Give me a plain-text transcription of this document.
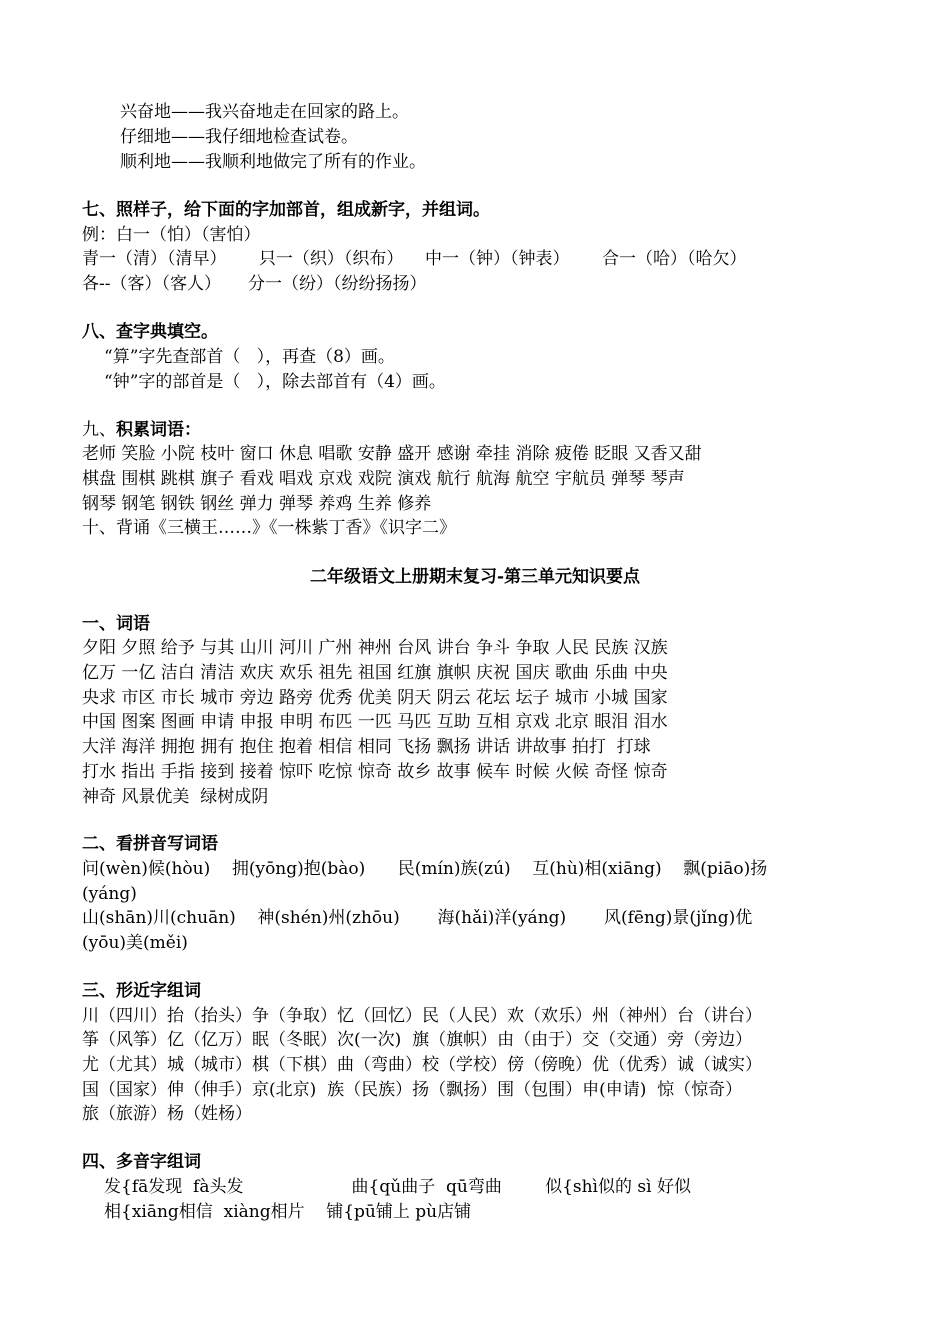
兴奋地——我兴奋地走在回家的路上。
仔细地——我仔细地检查试卷。
顺利地——我顺利地做完了所有的作业。
七、照样子，给下面的字加部首，组成新字，并组词。
例：白一（怕）（害怕）
青一（清）（清早）      只一（织）（织布）    中一（钟）（钟表）      合一（哈）（哈欠）
各--（客）（客人）     分一（纷）（纷纷扬扬）
八、查字典填空。
“算”字先查部首（   ），再查（8）画。
“钟”字的部首是（   ），除去部首有（4）画。
九、积累词语：
老师 笑脸 小院 枝叶 窗口 休息 唱歌 安静 盛开 感谢 牵挂 消除 疲倦 眨眼 又香又甜
棋盘 围棋 跳棋 旗子 看戏 唱戏 京戏 戏院 演戏 航行 航海 航空 宇航员 弹琴 琴声
钢琴 钢笔 钢铁 钢丝 弹力 弹琴 养鸡 生养 修养
十、背诵《三横王……》《一株紫丁香》《识字二》
二年级语文上册期末复习-第三单元知识要点
一、词语
夕阳 夕照 给予 与其 山川 河川 广州 神州 台风 讲台 争斗 争取 人民 民族 汉族
亿万 一亿 洁白 清洁 欢庆 欢乐 祖先 祖国 红旗 旗帜 庆祝 国庆 歌曲 乐曲 中央
央求 市区 市长 城市 旁边 路旁 优秀 优美 阴天 阴云 花坛 坛子 城市 小城 国家
中国 图案 图画 申请 申报 申明 布匹 一匹 马匹 互助 互相 京戏 北京 眼泪 泪水
大洋 海洋 拥抱 拥有 抱住 抱着 相信 相同 飞扬 飘扬 讲话 讲故事 拍打  打球
打水 指出 手指 接到 接着 惊吓 吃惊 惊奇 故乡 故事 候车 时候 火候 奇怪 惊奇
神奇 风景优美  绿树成阴
二、看拼音写词语
问(wèn)候(hòu)    拥(yōng)抱(bào)      民(mín)族(zú)    互(hù)相(xiāng)    飘(piāo)扬
(yáng)
山(shān)川(chuān)    神(shén)州(zhōu)       海(hǎi)洋(yáng)       风(fēng)景(jǐng)优
(yōu)美(měi)
三、形近字组词
川（四川）抬（抬头）争（争取）忆（回忆）民（人民）欢（欢乐）州（神州）台（讲台）
筝（风筝）亿（亿万）眠（冬眠）次(一次)  旗（旗帜）由（由于）交（交通）旁（旁边）
尤（尤其）城（城市）棋（下棋）曲（弯曲）校（学校）傍（傍晚）优（优秀）诚（诚实）
国（国家）伸（伸手）京(北京)  族（民族）扬（飘扬）围（包围）申(申请)  惊（惊奇）
旅（旅游）杨（姓杨）
四、多音字组词
发{fā发现  fà头发                    曲{qǔ曲子  qū弯曲        似{shì似的 sì 好似
相{xiāng相信  xiàng相片    铺{pū铺上 pù店铺
